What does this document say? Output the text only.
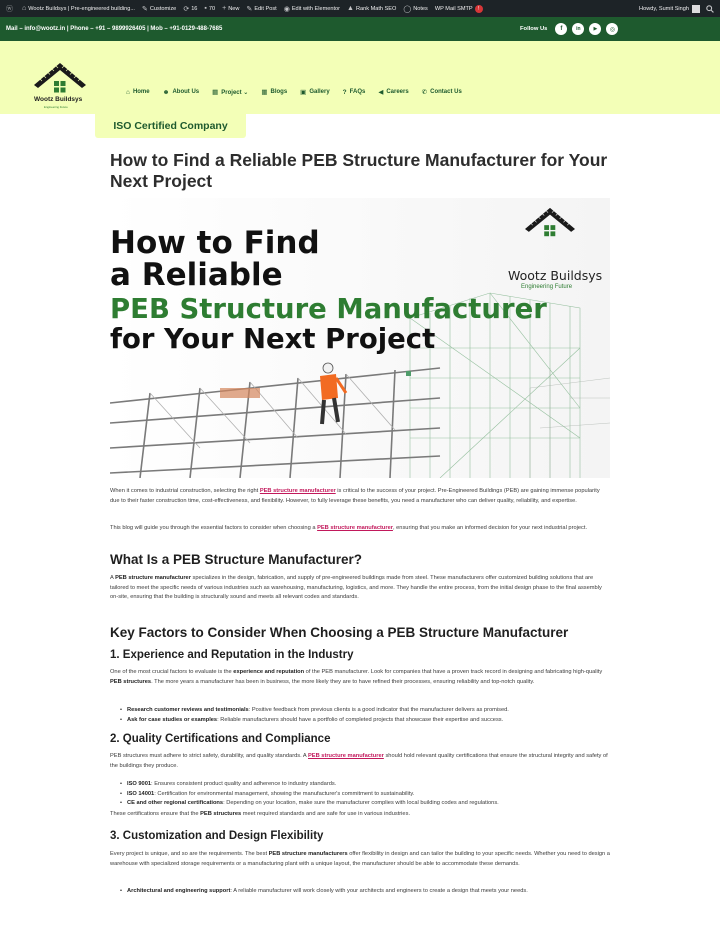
ⓦ ⌂ Wootz Buildsys | Pre-engineered building... ✎ Customize ⟳ 16 ▪ 70 + New ✎ Edit Post ◉ Edit with Elementor ▲ Rank Math SEO ◯ Notes WP Mail SMTP	!	Howdy, Sumit Singh
Mail – info@wootz.in | Phone – +91 – 9899926405 | Mob – +91-0129-488-7685	Follow Us	f	in	▶	◎
⌂ Home ☻ About Us ▦ Project ⌄ ▦ Blogs ▣ Gallery ? FAQs ◀ Careers ✆ Contact Us
Wootz Buildsys
Engineering Future
ISO Certified Company
How to Find a Reliable PEB Structure Manufacturer for Your Next Project
How to Find
a Reliable
PEB Structure Manufacturer
for Your Next Project
Wootz Buildsys
Engineering Future

When it comes to industrial construction, selecting the right PEB structure manufacturer is critical to the success of your project. Pre-Engineered Buildings (PEB) are gaining immense popularity due to their faster construction time, cost-effectiveness, and flexibility. However, to fully leverage these benefits, you need a manufacturer who can deliver quality, reliability, and expertise.

This blog will guide you through the essential factors to consider when choosing a PEB structure manufacturer, ensuring that you make an informed decision for your next industrial project.

What Is a PEB Structure Manufacturer?

A PEB structure manufacturer specializes in the design, fabrication, and supply of pre-engineered buildings made from steel. These manufacturers offer customized building solutions that are tailored to meet the specific needs of various industries such as warehousing, manufacturing, logistics, and more. They handle the entire process, from the initial design phase to the final assembly on-site, ensuring that the building is structurally sound and meets all relevant codes and standards.

Key Factors to Consider When Choosing a PEB Structure Manufacturer
1. Experience and Reputation in the Industry

One of the most crucial factors to evaluate is the experience and reputation of the PEB manufacturer. Look for companies that have a proven track record in designing and fabricating high-quality PEB structures. The more years a manufacturer has been in business, the more likely they are to have refined their processes, ensuring reliability and top-notch quality.

• Research customer reviews and testimonials: Positive feedback from previous clients is a good indicator that the manufacturer delivers as promised.
• Ask for case studies or examples: Reliable manufacturers should have a portfolio of completed projects that showcase their expertise and success.
2. Quality Certifications and Compliance

PEB structures must adhere to strict safety, durability, and quality standards. A PEB structure manufacturer should hold relevant quality certifications that ensure the structural integrity and safety of the buildings they produce.

• ISO 9001: Ensures consistent product quality and adherence to industry standards.
• ISO 14001: Certification for environmental management, showing the manufacturer's commitment to sustainability.
• CE and other regional certifications: Depending on your location, make sure the manufacturer complies with local building codes and regulations.

These certifications ensure that the PEB structures meet required standards and are safe for use in various industries.

3. Customization and Design Flexibility

Every project is unique, and so are the requirements. The best PEB structure manufacturers offer flexibility in design and can tailor the building to your specific needs. Whether you need to design a warehouse with specialized storage requirements or a manufacturing plant with a unique layout, the manufacturer should be able to accommodate these demands.

• Architectural and engineering support: A reliable manufacturer will work closely with your architects and engineers to create a design that meets your needs.
